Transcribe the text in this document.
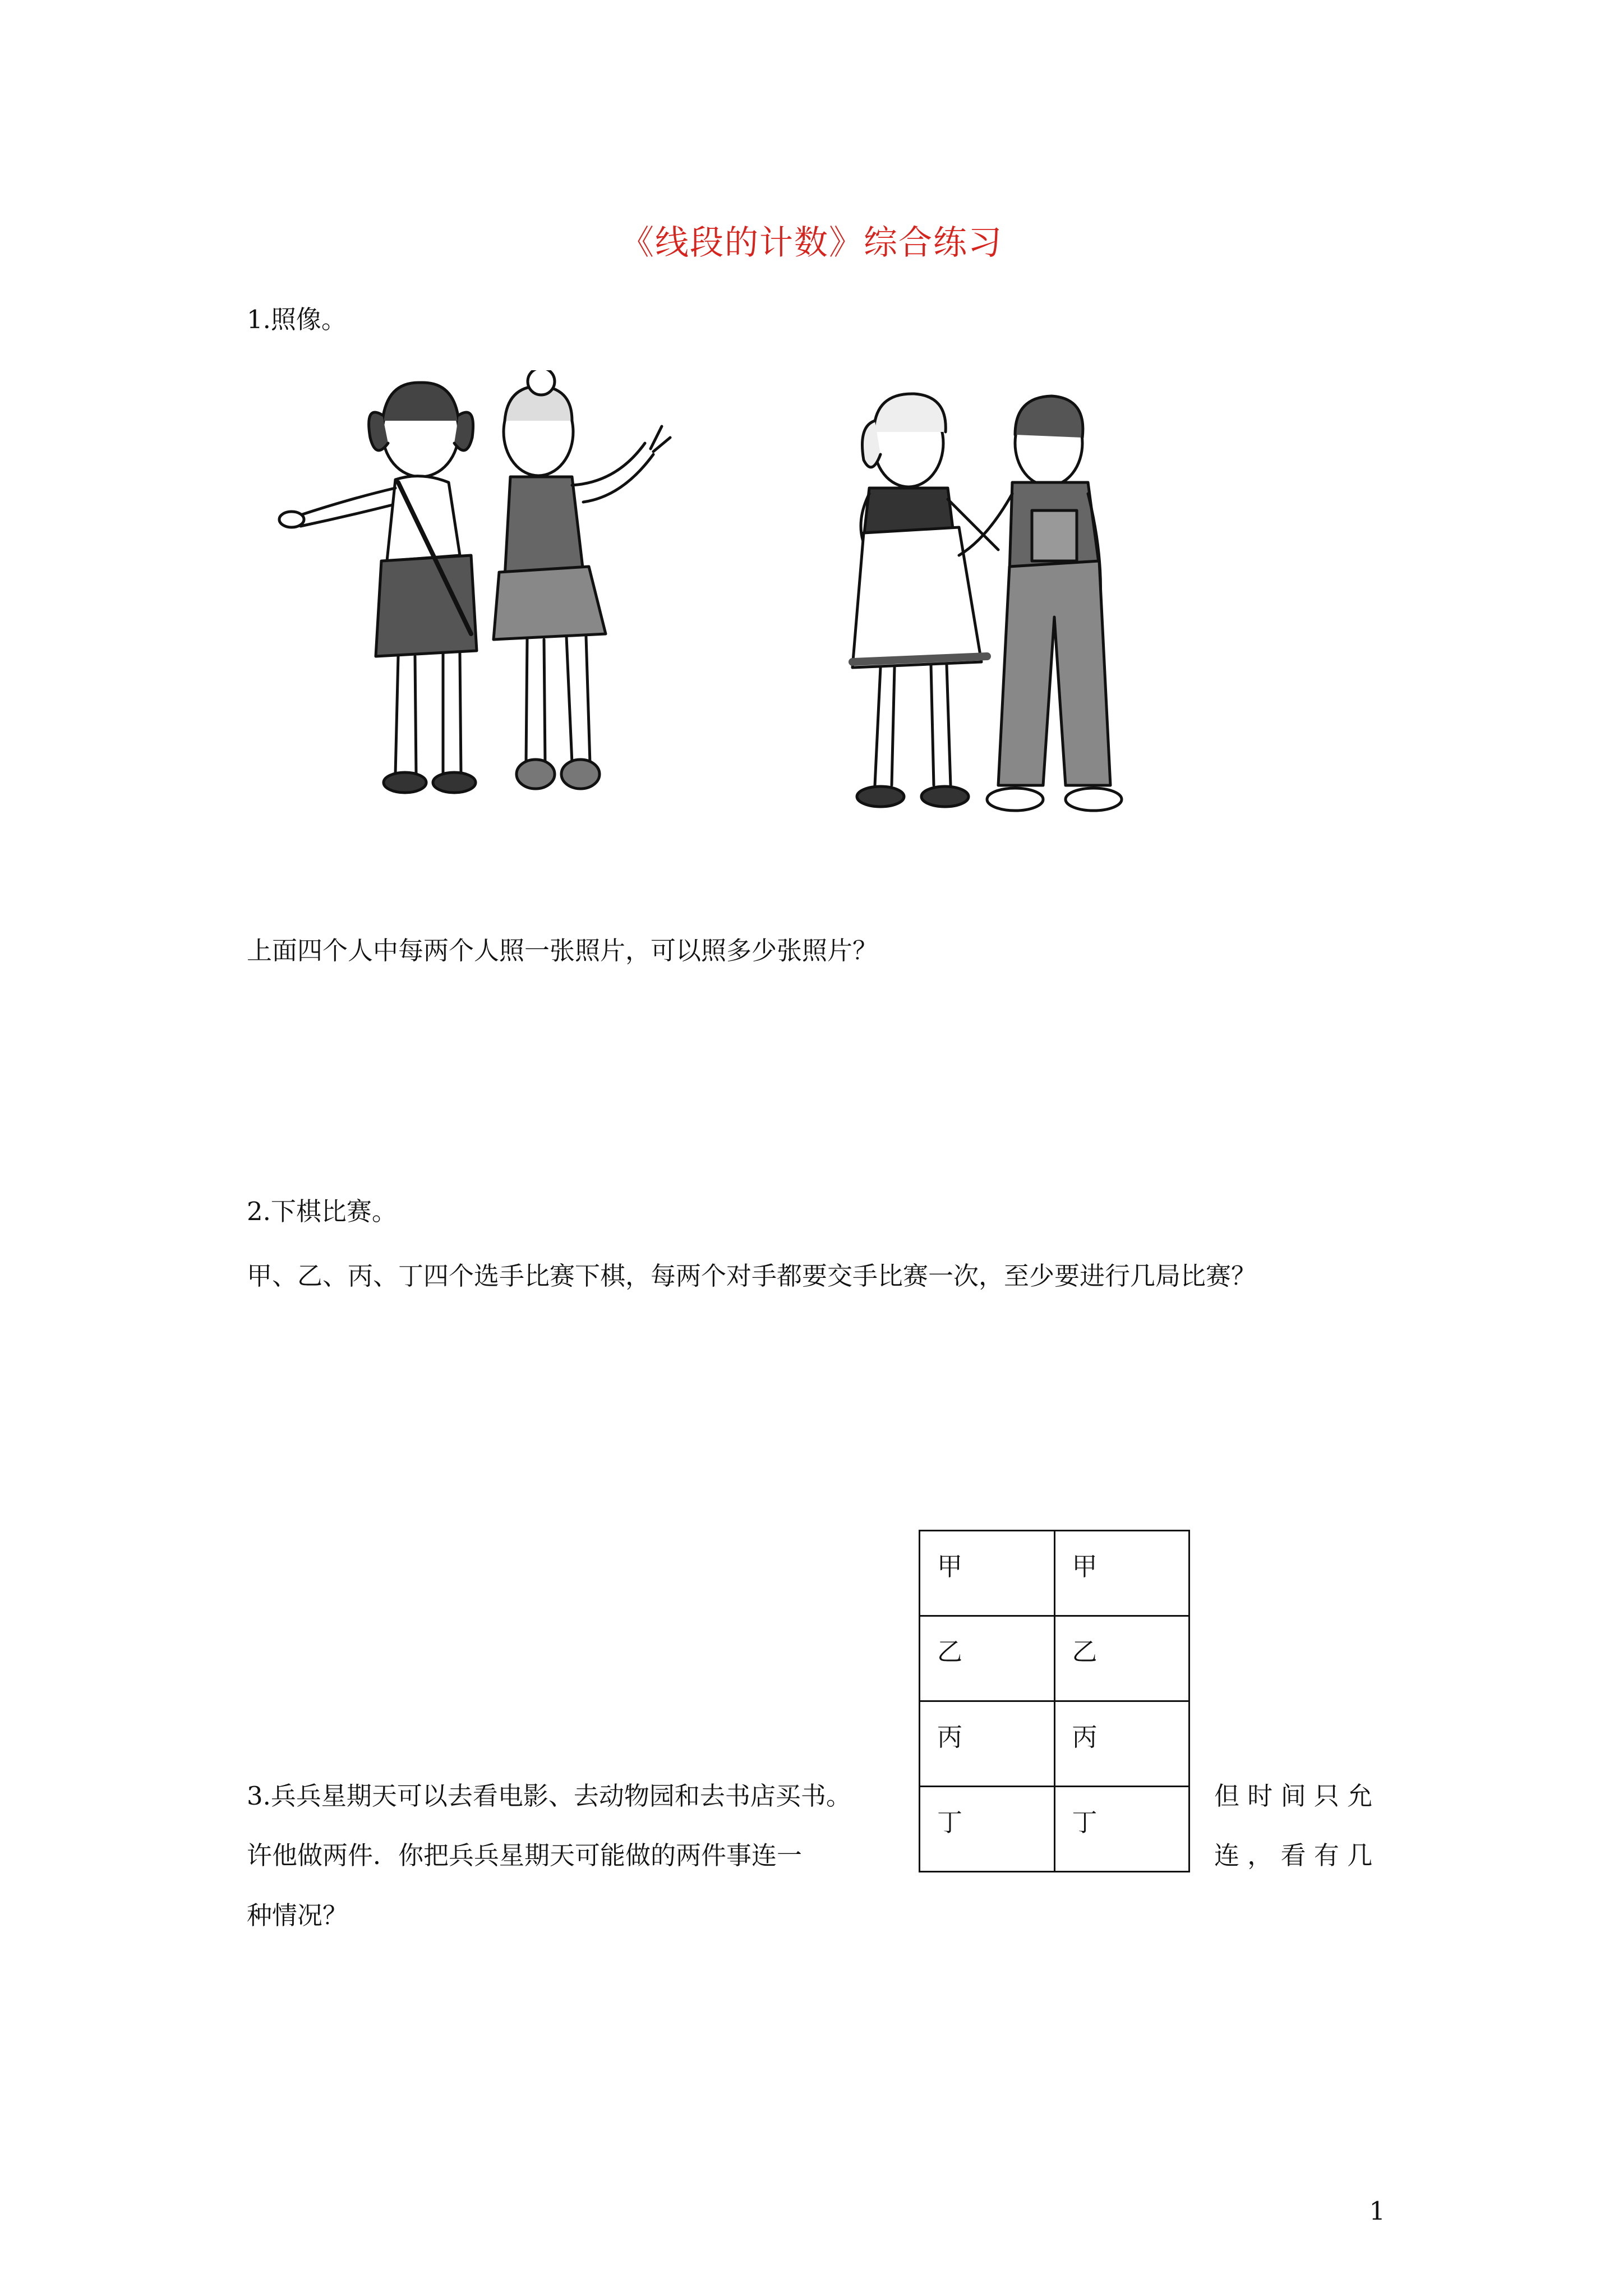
《线段的计数》综合练习
1.照像。
上面四个人中每两个人照一张照片，可以照多少张照片？
2.下棋比赛。
甲、乙、丙、丁四个选手比赛下棋，每两个对手都要交手比赛一次，至少要进行几局比赛？
甲	甲
乙	乙
丙	丙
丁	丁
3.兵兵星期天可以去看电影、去动物园和去书店买书。	但 时 间 只 允
许他做两件．你把兵兵星期天可能做的两件事连一	连 ， 看 有 几
种情况？
1
